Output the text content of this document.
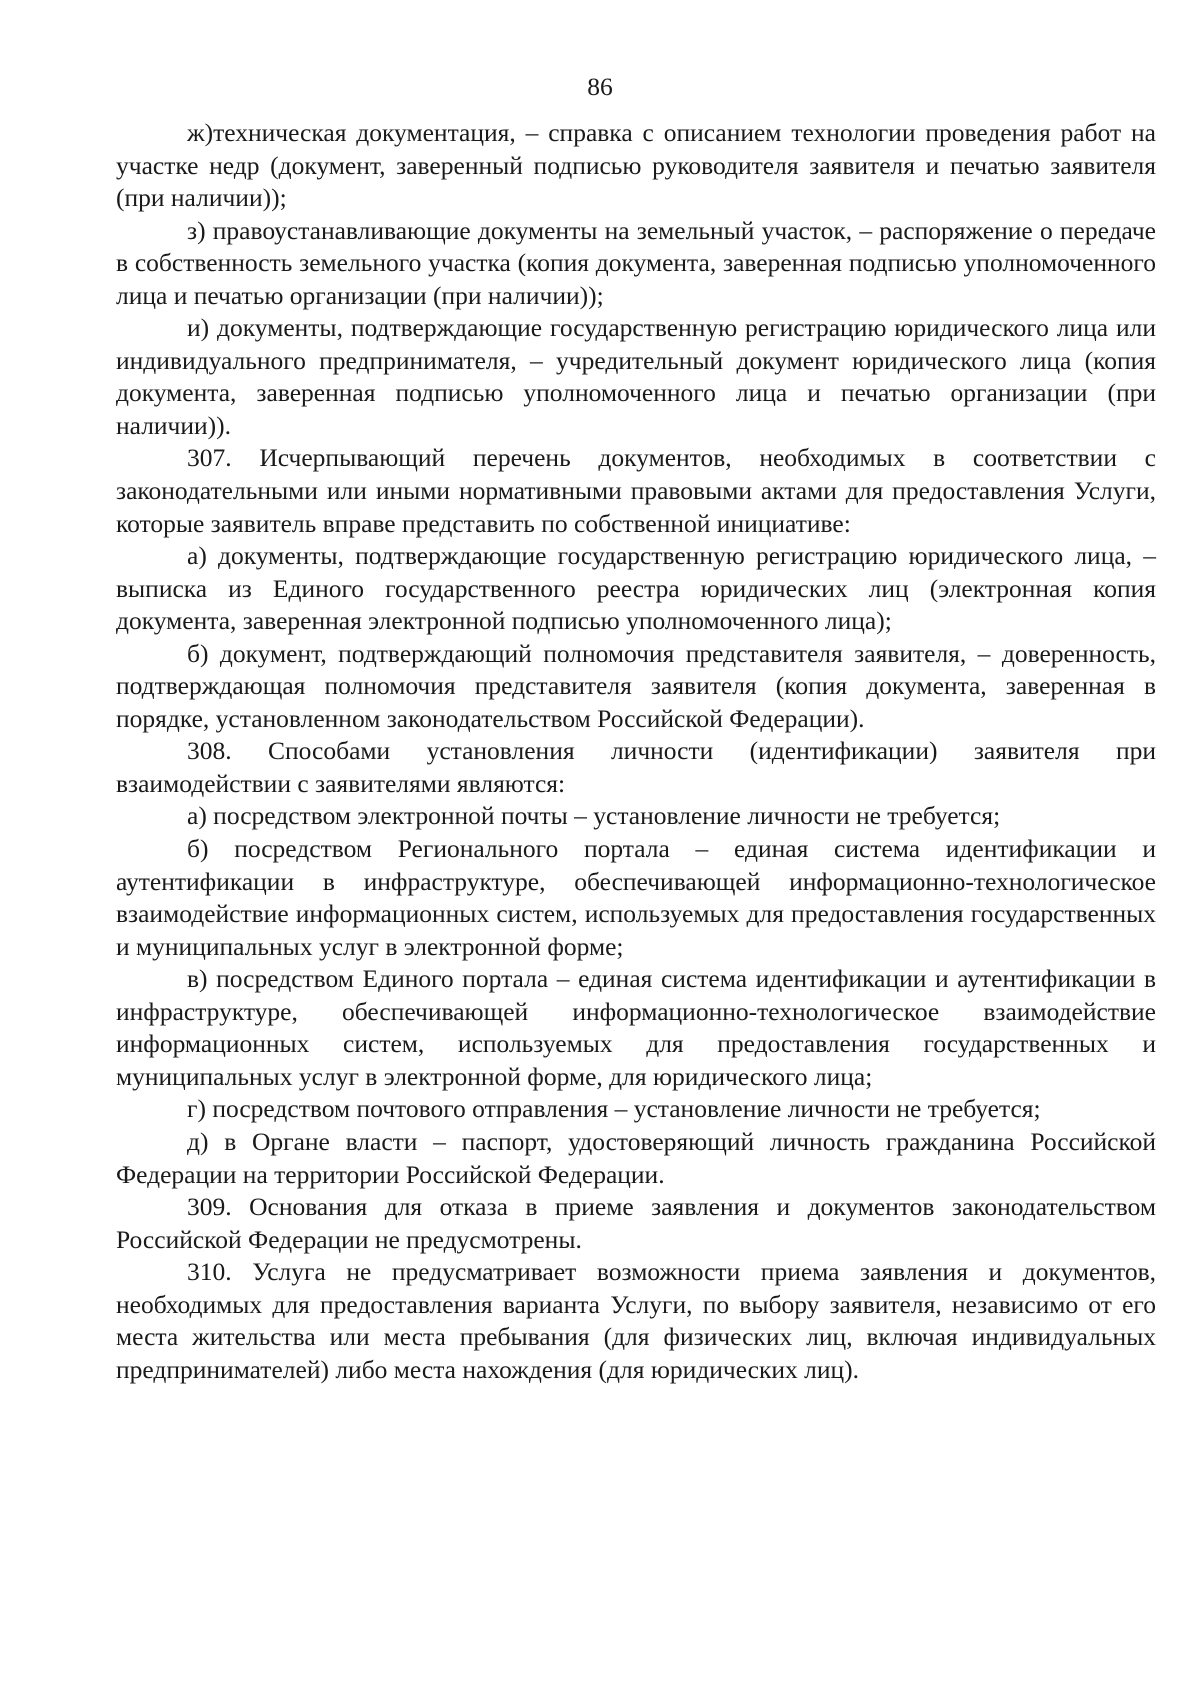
86

ж)техническая документация, – справка с описанием технологии проведения работ на участке недр (документ, заверенный подписью руководителя заявителя и печатью заявителя (при наличии));

з) правоустанавливающие документы на земельный участок, – распоряжение о передаче в собственность земельного участка (копия документа, заверенная подписью уполномоченного лица и печатью организации (при наличии));

и) документы, подтверждающие государственную регистрацию юридического лица или индивидуального предпринимателя, – учредительный документ юридического лица (копия документа, заверенная подписью уполномоченного лица и печатью организации (при наличии)).

307. Исчерпывающий перечень документов, необходимых в соответствии с законодательными или иными нормативными правовыми актами для предоставления Услуги, которые заявитель вправе представить по собственной инициативе:

а) документы, подтверждающие государственную регистрацию юридического лица, – выписка из Единого государственного реестра юридических лиц (электронная копия документа, заверенная электронной подписью уполномоченного лица);

б) документ, подтверждающий полномочия представителя заявителя, – доверенность, подтверждающая полномочия представителя заявителя (копия документа, заверенная в порядке, установленном законодательством Российской Федерации).

308. Способами установления личности (идентификации) заявителя при взаимодействии с заявителями являются:

а) посредством электронной почты – установление личности не требуется;

б) посредством Регионального портала – единая система идентификации и аутентификации в инфраструктуре, обеспечивающей информационно-технологическое взаимодействие информационных систем, используемых для предоставления государственных и муниципальных услуг в электронной форме;

в) посредством Единого портала – единая система идентификации и аутентификации в инфраструктуре, обеспечивающей информационно-технологическое взаимодействие информационных систем, используемых для предоставления государственных и муниципальных услуг в электронной форме, для юридического лица;

г) посредством почтового отправления – установление личности не требуется;

д) в Органе власти – паспорт, удостоверяющий личность гражданина Российской Федерации на территории Российской Федерации.

309. Основания для отказа в приеме заявления и документов законодательством Российской Федерации не предусмотрены.

310. Услуга не предусматривает возможности приема заявления и документов, необходимых для предоставления варианта Услуги, по выбору заявителя, независимо от его места жительства или места пребывания (для физических лиц, включая индивидуальных предпринимателей) либо места нахождения (для юридических лиц).
